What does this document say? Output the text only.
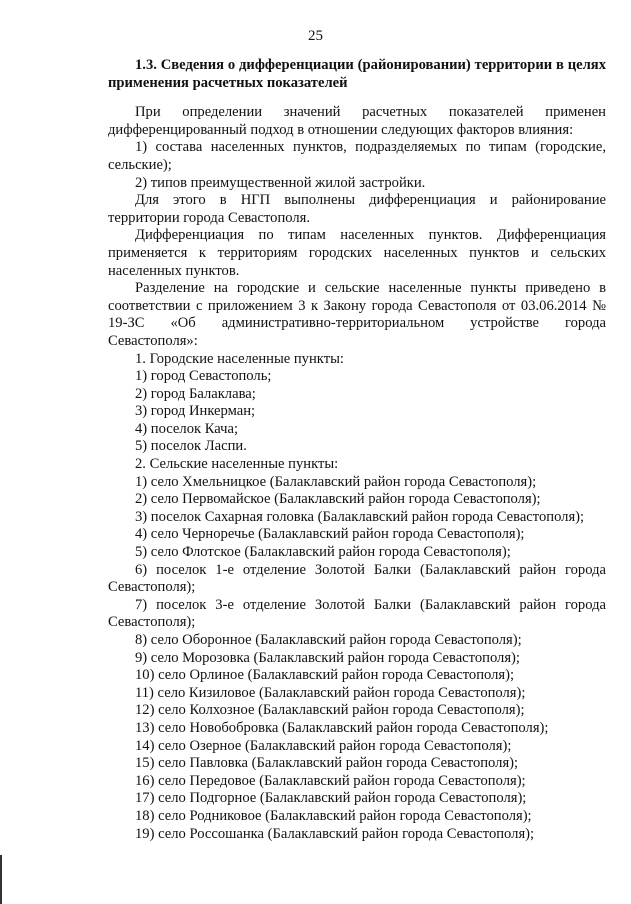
25

1.3. Сведения о дифференциации (районировании) территории в целях применения расчетных показателей

При определении значений расчетных показателей применен дифференцированный подход в отношении следующих факторов влияния:

1) состава населенных пунктов, подразделяемых по типам (городские, сельские);

2) типов преимущественной жилой застройки.

Для этого в НГП выполнены дифференциация и районирование территории города Севастополя.

Дифференциация по типам населенных пунктов. Дифференциация применяется к территориям городских населенных пунктов и сельских населенных пунктов.

Разделение на городские и сельские населенные пункты приведено в соответствии с приложением 3 к Закону города Севастополя от 03.06.2014 № 19-ЗС «Об административно-территориальном устройстве города Севастополя»:

1. Городские населенные пункты:

1) город Севастополь;

2) город Балаклава;

3) город Инкерман;

4) поселок Кача;

5) поселок Ласпи.

2. Сельские населенные пункты:

1) село Хмельницкое (Балаклавский район города Севастополя);

2) село Первомайское (Балаклавский район города Севастополя);

3) поселок Сахарная головка (Балаклавский район города Севастополя);

4) село Черноречье (Балаклавский район города Севастополя);

5) село Флотское (Балаклавский район города Севастополя);

6) поселок 1-е отделение Золотой Балки (Балаклавский район города Севастополя);

7) поселок 3-е отделение Золотой Балки (Балаклавский район города Севастополя);

8) село Оборонное (Балаклавский район города Севастополя);

9) село Морозовка (Балаклавский район города Севастополя);

10) село Орлиное (Балаклавский район города Севастополя);

11) село Кизиловое (Балаклавский район города Севастополя);

12) село Колхозное (Балаклавский район города Севастополя);

13) село Новобобровка (Балаклавский район города Севастополя);

14) село Озерное (Балаклавский район города Севастополя);

15) село Павловка (Балаклавский район города Севастополя);

16) село Передовое (Балаклавский район города Севастополя);

17) село Подгорное (Балаклавский район города Севастополя);

18) село Родниковое (Балаклавский район города Севастополя);

19) село Россошанка (Балаклавский район города Севастополя);
